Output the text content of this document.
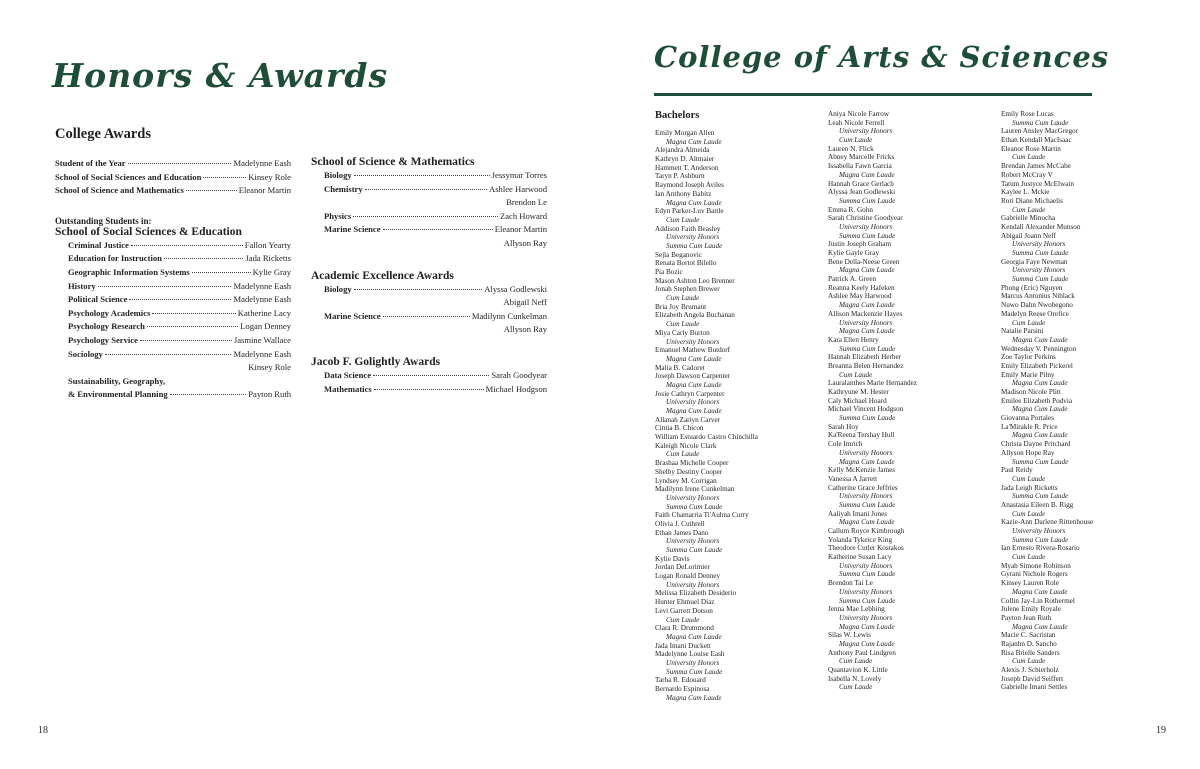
Honors & Awards
College Awards
Student of the Year	Madelynne Eash
School of Social Sciences and Education	Kinsey Role
School of Science and Mathematics	Eleanor Martin
Outstanding Students in:
School of Social Sciences & Education
Criminal Justice	Fallon Yearty
Education for Instruction	Jada Ricketts
Geographic Information Systems	Kylie Gray
History	Madelynne Eash
Political Science	Madelynne Eash
Psychology Academics	Katherine Lacy
Psychology Research	Logan Denney
Psychology Service	Jasmine Wallace
Sociology	Madelynne Eash
Kinsey Role
Sustainability, Geography,
& Environmental Planning	Payton Ruth
School of Science & Mathematics
Biology	Jessymar Torres
Chemistry	Ashlee Harwood
Brendon Le
Physics	Zach Howard
Marine Science	Eleanor Martin
Allyson Ray
Academic Excellence Awards
Biology	Alyssa Godlewski
Abigail Neff
Marine Science	Madilynn Cunkelman
Allyson Ray
Jacob F. Golightly Awards
Data Science	Sarah Goodyear
Mathematics	Michael Hodgson
18
College of Arts & Sciences
Bachelors
Emily Morgan Allen
Magna Cum Laude
Alejandra Almeida
Kathryn D. Altmaier
Hammett T. Anderson
Taryn P. Ashburn
Raymond Joseph Aviles
Ian Anthony Babitz
Magna Cum Laude
Edyn Parker-Luv Battle
Cum Laude
Addison Faith Beasley
University Honors
Summa Cum Laude
Sejla Beganovic
Renata Bortot Bilello
Pia Bozic
Mason Ashton Leo Brenner
Jonah Stephen Brewer
Cum Laude
Bria Joy Brumant
Elizabeth Angela Buchanan
Cum Laude
Miya Carly Burton
University Honors
Emanuel Mathew Butdorf
Magna Cum Laude
Malia B. Cadoret
Joseph Dawson Carpenter
Magna Cum Laude
Josie Cathryn Carpenter
University Honors
Magna Cum Laude
Allanah Zariyn Carver
Cintia B. Chicon
William Estuardo Castro Chinchilla
Kaleigh Nicole Clark
Cum Laude
Brashaa Michelle Cooper
Shelby Destiny Cooper
Lyndsey M. Corrigan
Madilynn Irene Cunkelman
University Honors
Summa Cum Laude
Faith Chamarria Ti'Auhna Curry
Olivia J. Cuthrell
Ethan James Dano
University Honors
Summa Cum Laude
Kylie Davis
Jordan DeLorimier
Logan Ronald Denney
University Honors
Melissa Elizabeth Desiderio
Hunter Ehmuel Diaz
Levi Garrett Dotson
Cum Laude
Clara R. Drummond
Magna Cum Laude
Jada Imani Duckett
Madelynne Louise Eash
University Honors
Summa Cum Laude
Tarha R. Edouard
Bernardo Espinosa
Magna Cum Laude
Aniya Nicole Farrow
Leah Nicole Ferrell
University Honors
Cum Laude
Lauren N. Flick
Abney Marcelle Fricks
Issabella Fawn Garcia
Magna Cum Laude
Hannah Grace Gerlach
Alyssa Jean Godlewski
Summa Cum Laude
Emma R. Gohn
Sarah Christine Goodyear
University Honors
Summa Cum Laude
Justin Joseph Graham
Kylie Gayle Gray
Bene Della-Neese Green
Magna Cum Laude
Patrick A. Green
Reanna Keely Hafeken
Ashlee May Harwood
Magna Cum Laude
Allison Mackenzie Hayes
University Honors
Magna Cum Laude
Kara Ellen Henry
Summa Cum Laude
Hannah Elizabeth Herber
Breanna Belen Hernandez
Cum Laude
Lauralanthes Marie Hernandez
Kathryune M. Hester
Caly Michael Hoard
Michael Vincent Hodgson
Summa Cum Laude
Sarah Hoy
Ka'Reena Tershay Hull
Cole Imrich
University Honors
Magna Cum Laude
Kelly McKenzie James
Vanessa A Jarrett
Catherine Grace Jeffries
University Honors
Summa Cum Laude
Aaliyah Imani Jones
Magna Cum Laude
Callum Royce Kimbrough
Yolanda Tykeice King
Theodore Cutler Kostakos
Katherine Susan Lacy
University Honors
Summa Cum Laude
Brendon Tai Le
University Honors
Summa Cum Laude
Jenna Mae Lebbing
University Honors
Magna Cum Laude
Silas W. Lewis
Magna Cum Laude
Anthony Paul Lindgren
Cum Laude
Quantavion K. Little
Isabella N. Lovely
Cum Laude
Emily Rose Lucas
Summa Cum Laude
Lauren Ansley MacGregor
Ethan Kendall MacIsaac
Eleanor Rose Martin
Cum Laude
Brendan James McCabe
Robert McCray V
Tatum Justyce McElwain
Kaylee L. Mckie
Rori Diane Michaelis
Cum Laude
Gabrielle Minocha
Kendall Alexander Munson
Abigail Joann Neff
University Honors
Summa Cum Laude
Georgia Faye Newman
University Honors
Summa Cum Laude
Phong (Eric) Nguyen
Marcus Antonius Niblack
Nuwo Dahn Nwobegono
Madelyn Reese Orefice
Cum Laude
Natalie Parsini
Magna Cum Laude
Wednesday V. Pennington
Zoe Taylor Perkins
Emily Elizabeth Pickerel
Emily Marie Pilny
Magna Cum Laude
Madison Nicole Plitt
Emilee Elizabeth Podvia
Magna Cum Laude
Giovanna Portales
La'Mirakle R. Price
Magna Cum Laude
Christa Dayne Pritchard
Allyson Hope Ray
Summa Cum Laude
Paul Reidy
Cum Laude
Jada Leigh Ricketts
Summa Cum Laude
Anastasia Eileen B. Rigg
Cum Laude
Kazie-Ann Darlene Rittenhouse
University Honors
Summa Cum Laude
Ian Ernesto Rivera-Rosario
Cum Laude
Myah Simone Robinson
Gyrani Nichole Rogers
Kinsey Lauren Role
Magna Cum Laude
Collin Jay-Lin Rothermel
Julene Emily Royale
Payton Jean Ruth
Magna Cum Laude
Macie C. Sacristan
Rajanhn D. Sancho
Risa Brielle Sanders
Cum Laude
Alexis J. Schierholz
Joseph David Seiffert
Gabrielle Imani Settles
19
